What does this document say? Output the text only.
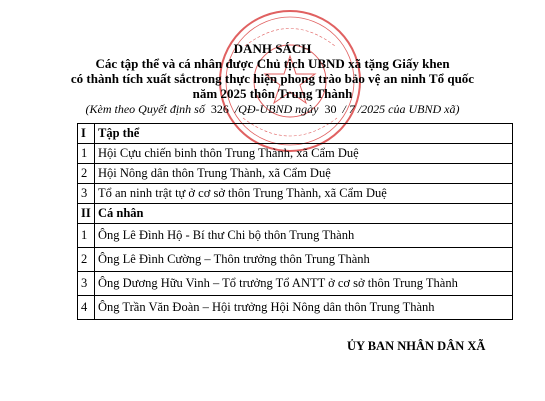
DANH SÁCH
Các tập thể và cá nhân được Chủ tịch UBND xã tặng Giấy khen
có thành tích xuất sắctrong thực hiện phong trào bảo vệ an ninh Tổ quốc
năm 2025 thôn Trung Thành
(Kèm theo Quyết định số 326 /QĐ-UBND ngày 30 / 7 /2025 của UBND xã)
I	Tập thể
1	Hội Cựu chiến binh thôn Trung Thành, xã Cẩm Duệ
2	Hội Nông dân thôn Trung Thành, xã Cẩm Duệ
3	Tổ an ninh trật tự ở cơ sở thôn Trung Thành, xã Cẩm Duệ
II	Cá nhân
1	Ông Lê Đình Hộ - Bí thư Chi bộ thôn Trung Thành
2	Ông Lê Đình Cường – Thôn trưởng thôn Trung Thành
3	Ông Dương Hữu Vinh – Tổ trưởng Tổ ANTT ở cơ sở thôn Trung Thành
4	Ông Trần Văn Đoàn – Hội trưởng Hội Nông dân thôn Trung Thành
ỦY BAN NHÂN DÂN XÃ
